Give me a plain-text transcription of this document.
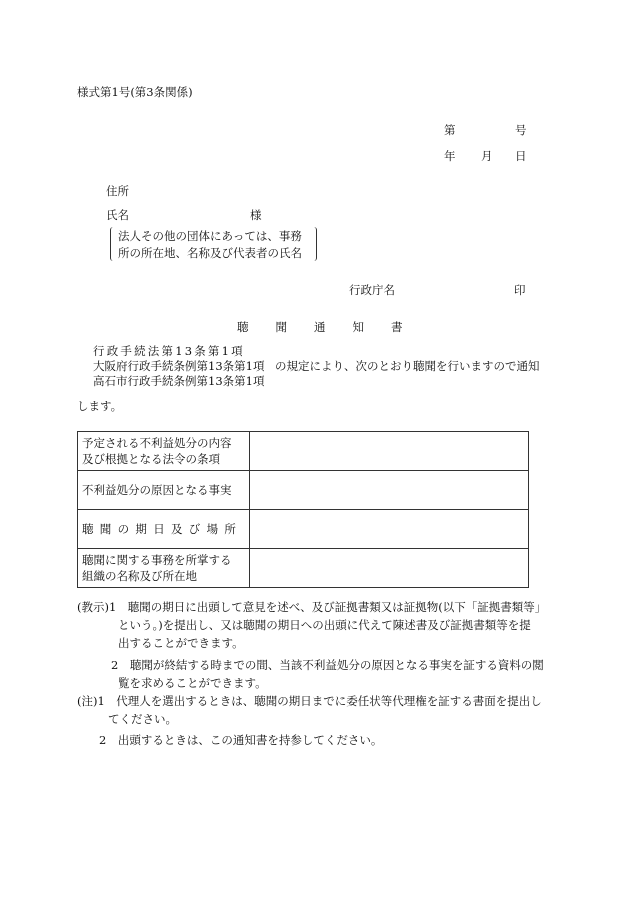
様式第1号(第3条関係)
第	号
年 月 日
住所
氏名	様
法人その他の団体にあっては、事務
所の所在地、名称及び代表者の氏名
行政庁名	印
聴 聞 通 知 書
行政手続法第13条第1項
大阪府行政手続条例第13条第1項
高石市行政手続条例第13条第1項
の規定により、次のとおり聴聞を行いますので通知
します。
予定される不利益処分の内容
及び根拠となる法令の条項	

不利益処分の原因となる事実	

聴聞の期日及び場所	

聴聞に関する事務を所掌する
組織の名称及び所在地	

(教示)1　聴聞の期日に出頭して意見を述べ、及び証拠書類又は証拠物(以下「証拠書類等」
という。)を提出し、又は聴聞の期日への出頭に代えて陳述書及び証拠書類等を提
出することができます。
2　聴聞が終結する時までの間、当該不利益処分の原因となる事実を証する資料の閲
覧を求めることができます。
(注)1　代理人を選出するときは、聴聞の期日までに委任状等代理権を証する書面を提出し
てください。
2　出頭するときは、この通知書を持参してください。
